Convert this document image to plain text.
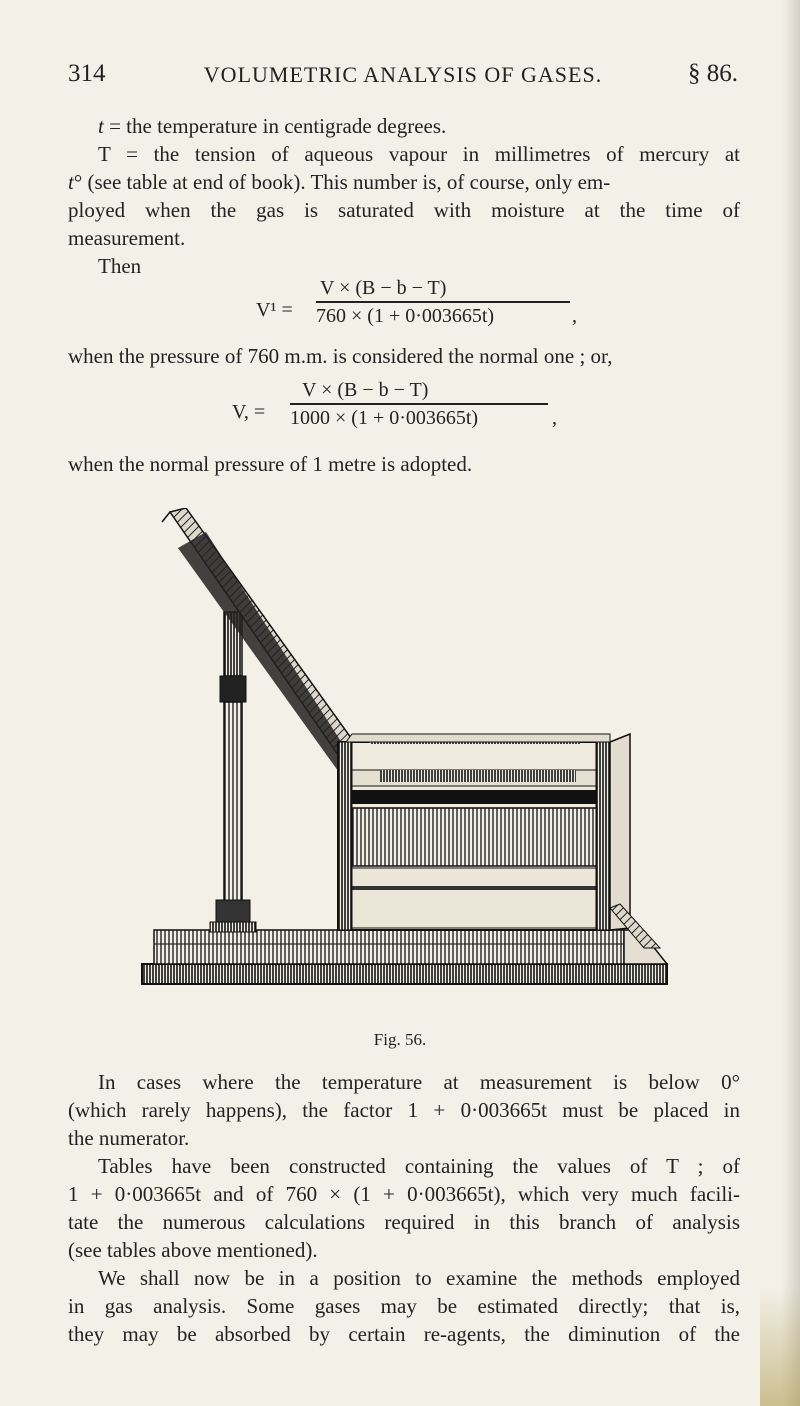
314	VOLUMETRIC ANALYSIS OF GASES.	§ 86.
t = the temperature in centigrade degrees.
T = the tension of aqueous vapour in millimetres of mercury at
t° (see table at end of book). This number is, of course, only em-
ployed when the gas is saturated with moisture at the time of
measurement.
Then
V¹ =
V × (B − b − T)
760 × (1 + 0·003665t)	,
when the pressure of 760 m.m. is considered the normal one ; or,
V, =
V × (B − b − T)
1000 × (1 + 0·003665t)	,
when the normal pressure of 1 metre is adopted.
Fig. 56.
In cases where the temperature at measurement is below 0°
(which rarely happens), the factor 1 + 0·003665t must be placed in
the numerator.
Tables have been constructed containing the values of T ; of
1 + 0·003665t and of 760 × (1 + 0·003665t), which very much facili-
tate the numerous calculations required in this branch of analysis
(see tables above mentioned).
We shall now be in a position to examine the methods employed
in gas analysis. Some gases may be estimated directly; that is,
they may be absorbed by certain re-agents, the diminution of the
